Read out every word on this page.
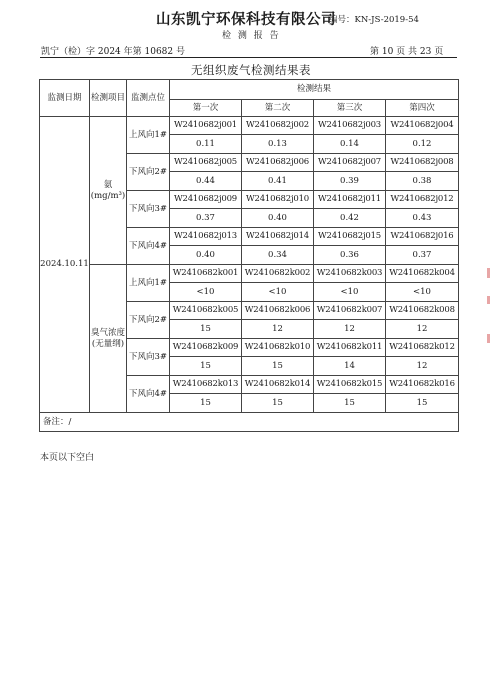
山东凯宁环保科技有限公司
编号：KN-JS-2019-54
检 测 报 告
凯宁（检）字 2024 年第 10682 号	第 10 页 共 23 页
无组织废气检测结果表
监测日期	检测项目	监测点位	检测结果			
			第一次	第二次	第三次	第四次
2024.10.11	氨(mg/m³)	上风向1#	W2410682j001	W2410682j002	W2410682j003	W2410682j004
			0.11	0.13	0.14	0.12
		下风向2#	W2410682j005	W2410682j006	W2410682j007	W2410682j008
			0.44	0.41	0.39	0.38
		下风向3#	W2410682j009	W2410682j010	W2410682j011	W2410682j012
			0.37	0.40	0.42	0.43
		下风向4#	W2410682j013	W2410682j014	W2410682j015	W2410682j016
			0.40	0.34	0.36	0.37
	臭气浓度(无量纲)	上风向1#	W2410682k001	W2410682k002	W2410682k003	W2410682k004
			<10	<10	<10	<10
		下风向2#	W2410682k005	W2410682k006	W2410682k007	W2410682k008
			15	12	12	12
		下风向3#	W2410682k009	W2410682k010	W2410682k011	W2410682k012
			15	15	14	12
		下风向4#	W2410682k013	W2410682k014	W2410682k015	W2410682k016
			15	15	15	15
备注：/						
本页以下空白
